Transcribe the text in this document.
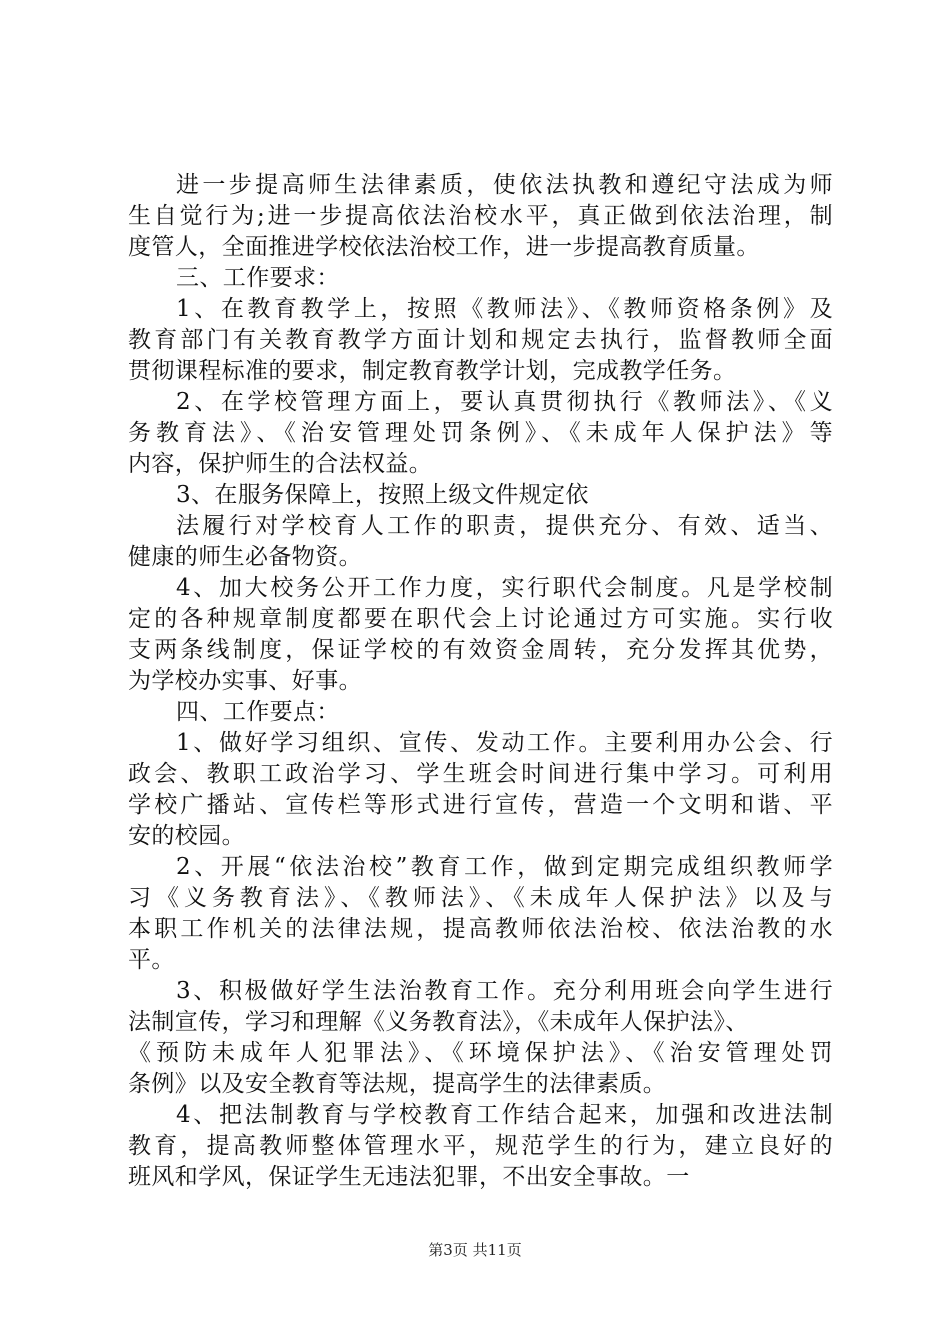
进一步提高师生法律素质，使依法执教和遵纪守法成为师
生自觉行为;进一步提高依法治校水平，真正做到依法治理，制
度管人，全面推进学校依法治校工作，进一步提高教育质量。
三、工作要求：
1、在教育教学上，按照《教师法》、《教师资格条例》及
教育部门有关教育教学方面计划和规定去执行，监督教师全面
贯彻课程标准的要求，制定教育教学计划，完成教学任务。
2、在学校管理方面上，要认真贯彻执行《教师法》、《义
务教育法》、《治安管理处罚条例》、《未成年人保护法》等
内容，保护师生的合法权益。
3、在服务保障上，按照上级文件规定依
法履行对学校育人工作的职责，提供充分、有效、适当、
健康的师生必备物资。
4、加大校务公开工作力度，实行职代会制度。凡是学校制
定的各种规章制度都要在职代会上讨论通过方可实施。实行收
支两条线制度，保证学校的有效资金周转，充分发挥其优势，
为学校办实事、好事。
四、工作要点：
1、做好学习组织、宣传、发动工作。主要利用办公会、行
政会、教职工政治学习、学生班会时间进行集中学习。可利用
学校广播站、宣传栏等形式进行宣传，营造一个文明和谐、平
安的校园。
2、开展“依法治校”教育工作，做到定期完成组织教师学
习《义务教育法》、《教师法》、《未成年人保护法》以及与
本职工作机关的法律法规，提高教师依法治校、依法治教的水
平。
3、积极做好学生法治教育工作。充分利用班会向学生进行
法制宣传，学习和理解《义务教育法》，《未成年人保护法》、
《预防未成年人犯罪法》、《环境保护法》、《治安管理处罚
条例》以及安全教育等法规，提高学生的法律素质。
4、把法制教育与学校教育工作结合起来，加强和改进法制
教育，提高教师整体管理水平，规范学生的行为，建立良好的
班风和学风，保证学生无违法犯罪，不出安全事故。一
第3页 共11页
